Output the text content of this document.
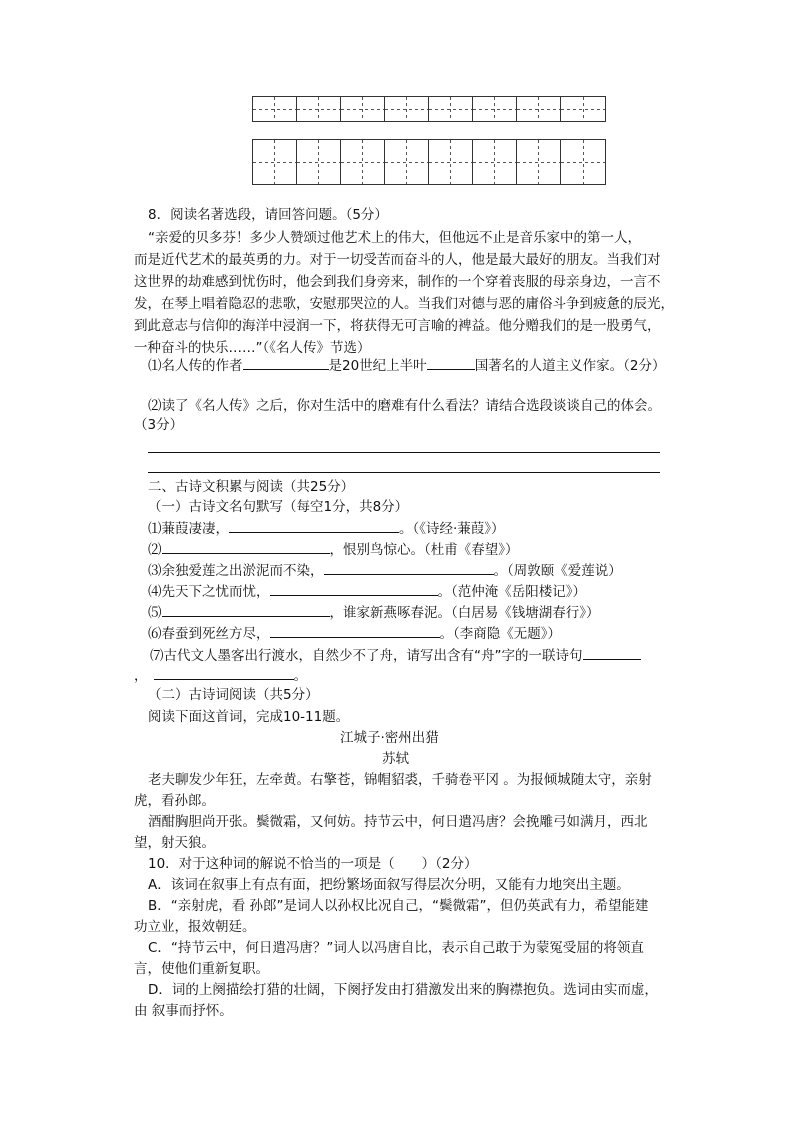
8．阅读名著选段，请回答问题。（5分）
“亲爱的贝多芬！多少人赞颂过他艺术上的伟大，但他远不止是音乐家中的第一人，
而是近代艺术的最英勇的力。对于一切受苦而奋斗的人，他是最大最好的朋友。当我们对
这世界的劫难感到忧伤时，他会到我们身旁来，制作的一个穿着丧服的母亲身边，一言不
发，在琴上唱着隐忍的悲歌，安慰那哭泣的人。当我们对德与恶的庸俗斗争到疲惫的辰光，
到此意志与信仰的海洋中浸润一下，将获得无可言喻的裨益。他分赠我们的是一股勇气，
一种奋斗的快乐……”（《名人传》节选）
⑴名人传的作者	是20世纪上半叶	国著名的人道主义作家。（2分）
⑵读了《名人传》之后，你对生活中的磨难有什么看法？请结合选段谈谈自己的体会。
（3分）
二、古诗文积累与阅读（共25分）
（一）古诗文名句默写（每空1分，共8分）
⑴蒹葭凄凄，	。（《诗经·蒹葭》）
⑵	，恨别鸟惊心。（杜甫《春望》）
⑶余独爱莲之出淤泥而不染，	。（周敦颐《爱莲说）
⑷先天下之忧而忧，	。（范仲淹《岳阳楼记》）
⑸	，谁家新燕啄春泥。（白居易《钱塘湖春行》）
⑹春蚕到死丝方尽，	。（李商隐《无题》）
⑺古代文人墨客出行渡水，自然少不了舟，请写出含有“舟”字的一联诗句
，	。
（二）古诗词阅读（共5分）
阅读下面这首词，完成10-11题。
江城子·密州出猎
苏轼
老夫聊发少年狂，左牵黄。右擎苍，锦帽貂裘，千骑卷平冈 。为报倾城随太守，亲射
虎，看孙郎。
酒酣胸胆尚开张。鬓微霜，又何妨。持节云中，何日遣冯唐？会挽雕弓如满月，西北
望，射天狼。
10．对于这种词的解说不恰当的一项是（　　）（2分）
A．该词在叙事上有点有面，把纷繁场面叙写得层次分明，又能有力地突出主题。
B．“亲射虎，看 孙郎”是词人以孙权比况自己，“鬓微霜”，但仍英武有力，希望能建
功立业，报效朝廷。
C．“持节云中，何日遣冯唐？”词人以冯唐自比，表示自己敢于为蒙冤受屈的将领直
言，使他们重新复职。
D．词的上阕描绘打猎的壮阔，下阕抒发由打猎激发出来的胸襟抱负。选词由实而虚，
由 叙事而抒怀。
